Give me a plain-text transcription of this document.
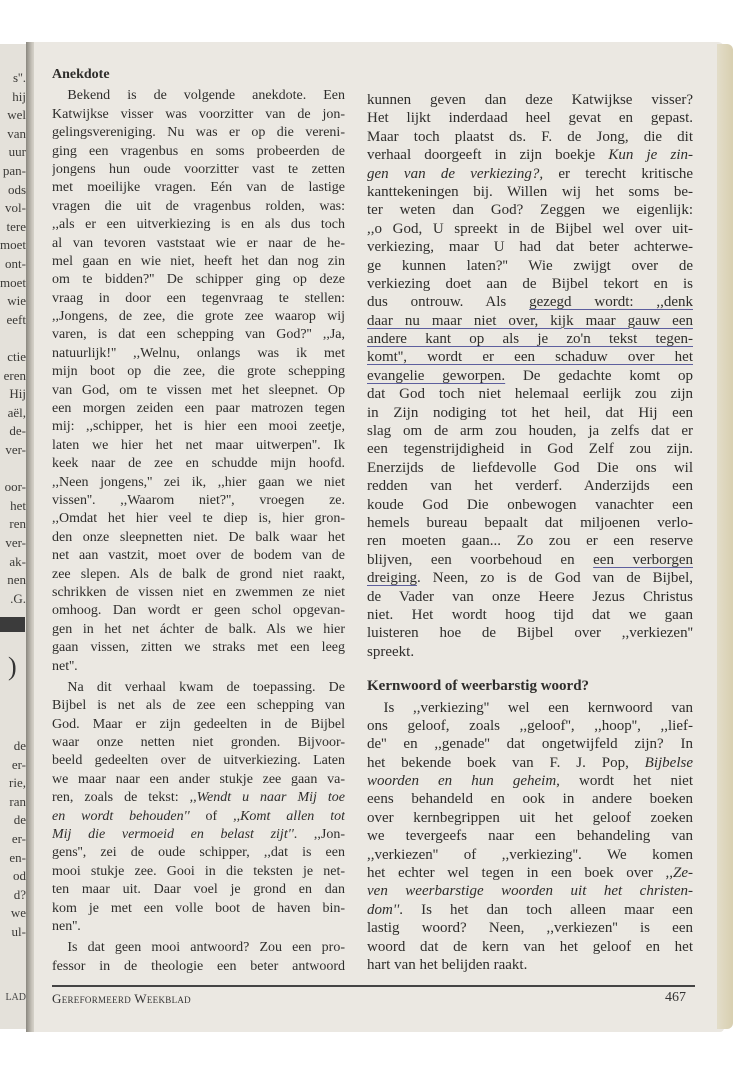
s''.
hij
wel
van
uur
pan-
ods
vol-
tere
moet
ont-
moet
wie
eeft
ctie
eren
Hij
aël,
de-
ver-
oor-
het
ren
ver-
ak-
nen
.G.
)
de
er-
rie,
ran
de
er-
en-
od
d?
we
ul-
LAD
Anekdote
Bekend is de volgende anekdote. Een
Katwijkse visser was voorzitter van de jon-
gelingsvereniging. Nu was er op die vereni-
ging een vragenbus en soms probeerden de
jongens hun oude voorzitter vast te zetten
met moeilijke vragen. Eén van de lastige
vragen die uit de vragenbus rolden, was:
,,als er een uitverkiezing is en als dus toch
al van tevoren vaststaat wie er naar de he-
mel gaan en wie niet, heeft het dan nog zin
om te bidden?'' De schipper ging op deze
vraag in door een tegenvraag te stellen:
,,Jongens, de zee, die grote zee waarop wij
varen, is dat een schepping van God?'' ,,Ja,
natuurlijk!'' ,,Welnu, onlangs was ik met
mijn boot op die zee, die grote schepping
van God, om te vissen met het sleepnet. Op
een morgen zeiden een paar matrozen tegen
mij: ,,schipper, het is hier een mooi zeetje,
laten we hier het net maar uitwerpen''. Ik
keek naar de zee en schudde mijn hoofd.
,,Neen jongens,'' zei ik, ,,hier gaan we niet
vissen''. ,,Waarom niet?'', vroegen ze.
,,Omdat het hier veel te diep is, hier gron-
den onze sleepnetten niet. De balk waar het
net aan vastzit, moet over de bodem van de
zee slepen. Als de balk de grond niet raakt,
schrikken de vissen niet en zwemmen ze niet
omhoog. Dan wordt er geen schol opgevan-
gen in het net áchter de balk. Als we hier
gaan vissen, zitten we straks met een leeg
net''.
Na dit verhaal kwam de toepassing. De
Bijbel is net als de zee een schepping van
God. Maar er zijn gedeelten in de Bijbel
waar onze netten niet gronden. Bijvoor-
beeld gedeelten over de uitverkiezing. Laten
we maar naar een ander stukje zee gaan va-
ren, zoals de tekst: ,,Wendt u naar Mij toe
en wordt behouden'' of ,,Komt allen tot
Mij die vermoeid en belast zijt''. ,,Jon-
gens'', zei de oude schipper, ,,dat is een
mooi stukje zee. Gooi in die teksten je net-
ten maar uit. Daar voel je grond en dan
kom je met een volle boot de haven bin-
nen''.
Is dat geen mooi antwoord? Zou een pro-
fessor in de theologie een beter antwoord
kunnen geven dan deze Katwijkse visser?
Het lijkt inderdaad heel gevat en gepast.
Maar toch plaatst ds. F. de Jong, die dit
verhaal doorgeeft in zijn boekje Kun je zin-
gen van de verkiezing?, er terecht kritische
kanttekeningen bij. Willen wij het soms be-
ter weten dan God? Zeggen we eigenlijk:
,,o God, U spreekt in de Bijbel wel over uit-
verkiezing, maar U had dat beter achterwe-
ge kunnen laten?'' Wie zwijgt over de
verkiezing doet aan de Bijbel tekort en is
dus ontrouw. Als gezegd wordt: ,,denk
daar nu maar niet over, kijk maar gauw een
andere kant op als je zo'n tekst tegen-
komt'', wordt er een schaduw over het
evangelie geworpen. De gedachte komt op
dat God toch niet helemaal eerlijk zou zijn
in Zijn nodiging tot het heil, dat Hij een
slag om de arm zou houden, ja zelfs dat er
een tegenstrijdigheid in God Zelf zou zijn.
Enerzijds de liefdevolle God Die ons wil
redden van het verderf. Anderzijds een
koude God Die onbewogen vanachter een
hemels bureau bepaalt dat miljoenen verlo-
ren moeten gaan... Zo zou er een reserve
blijven, een voorbehoud en een verborgen
dreiging. Neen, zo is de God van de Bijbel,
de Vader van onze Heere Jezus Christus
niet. Het wordt hoog tijd dat we gaan
luisteren hoe de Bijbel over ,,verkiezen''
spreekt.
Kernwoord of weerbarstig woord?
Is ,,verkiezing'' wel een kernwoord van
ons geloof, zoals ,,geloof'', ,,hoop'', ,,lief-
de'' en ,,genade'' dat ongetwijfeld zijn? In
het bekende boek van F. J. Pop, Bijbelse
woorden en hun geheim, wordt het niet
eens behandeld en ook in andere boeken
over kernbegrippen uit het geloof zoeken
we tevergeefs naar een behandeling van
,,verkiezen'' of ,,verkiezing''. We komen
het echter wel tegen in een boek over ,,Ze-
ven weerbarstige woorden uit het christen-
dom''. Is het dan toch alleen maar een
lastig woord? Neen, ,,verkiezen'' is een
woord dat de kern van het geloof en het
hart van het belijden raakt.
Gereformeerd Weekblad	467
